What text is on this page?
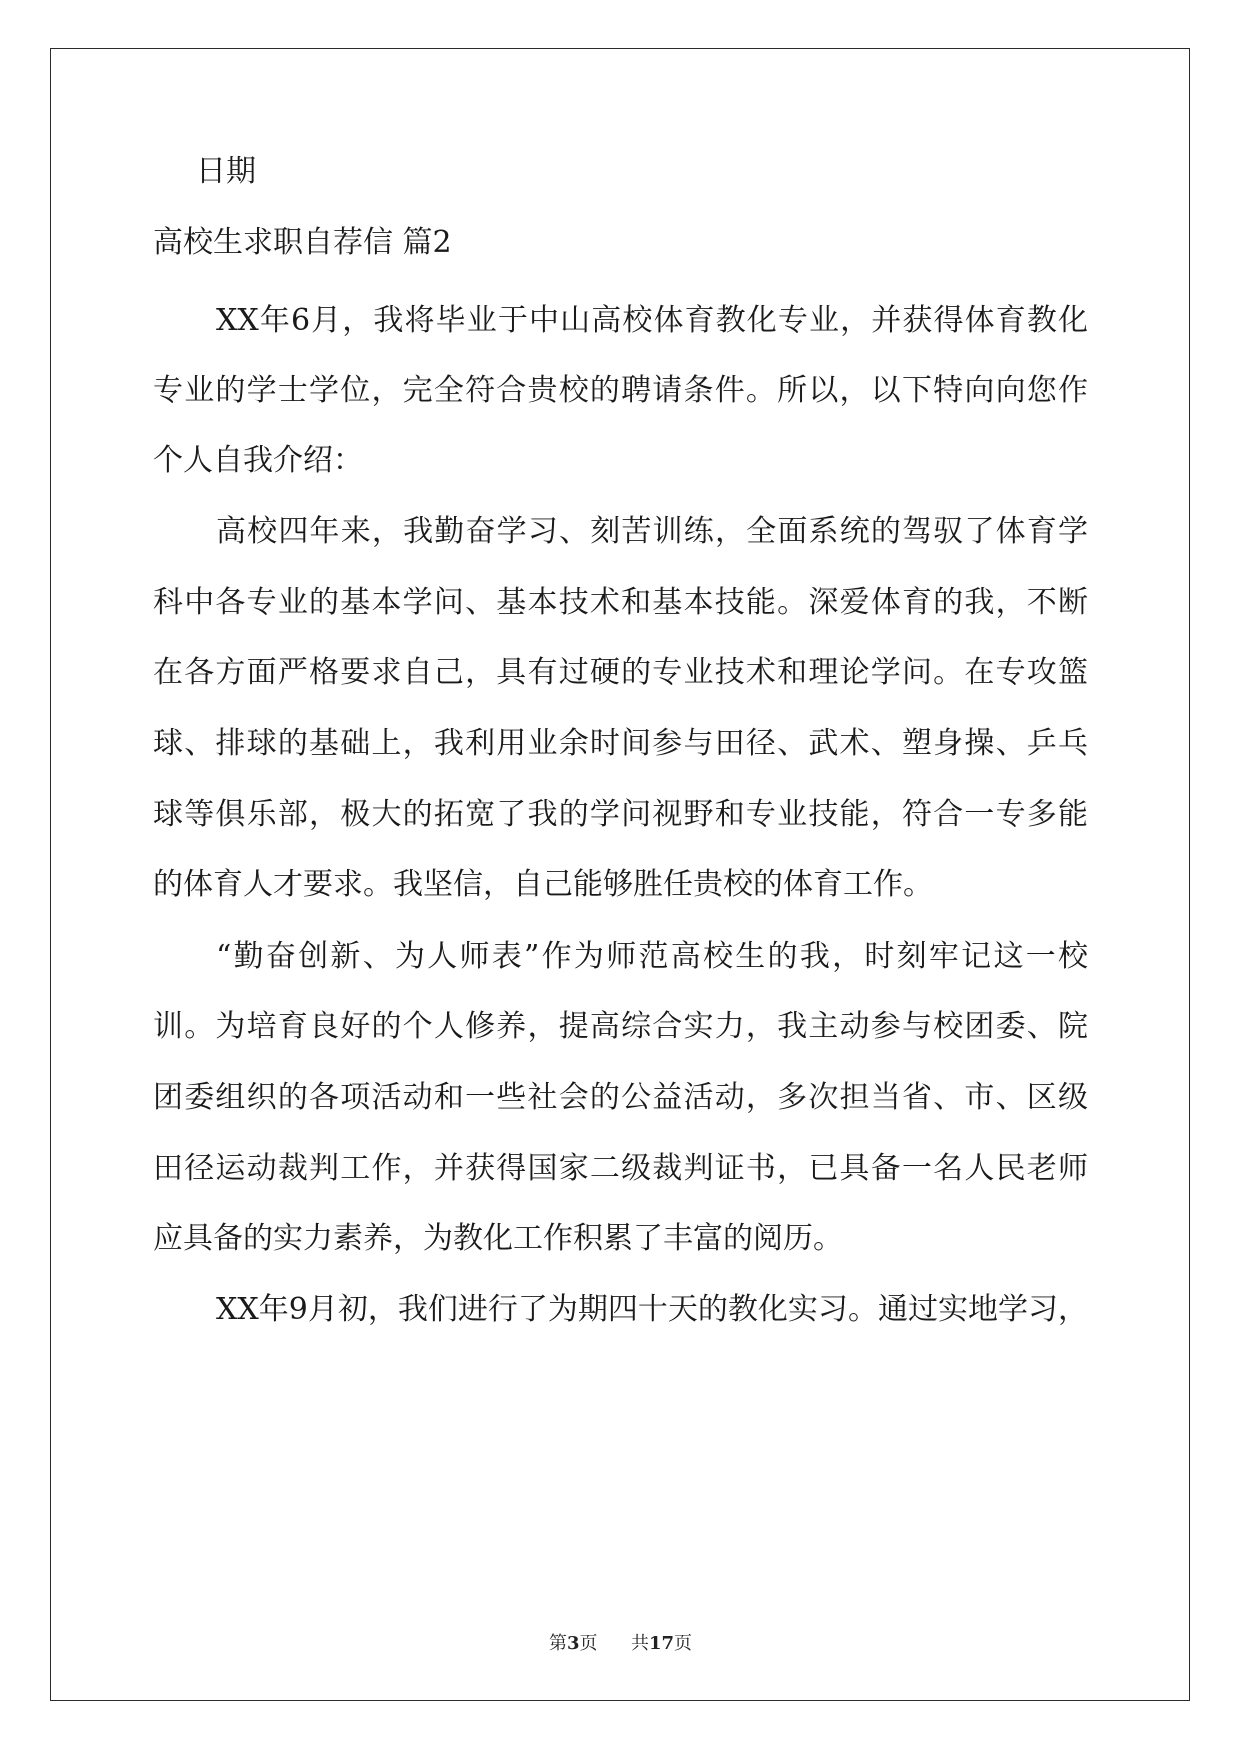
日期
高校生求职自荐信 篇2
XX年6月，我将毕业于中山高校体育教化专业，并获得体育教化
专业的学士学位，完全符合贵校的聘请条件。所以，以下特向向您作
个人自我介绍：
高校四年来，我勤奋学习、刻苦训练，全面系统的驾驭了体育学
科中各专业的基本学问、基本技术和基本技能。深爱体育的我，不断
在各方面严格要求自己，具有过硬的专业技术和理论学问。在专攻篮
球、排球的基础上，我利用业余时间参与田径、武术、塑身操、乒乓
球等俱乐部，极大的拓宽了我的学问视野和专业技能，符合一专多能
的体育人才要求。我坚信，自己能够胜任贵校的体育工作。
“勤奋创新、为人师表”作为师范高校生的我，时刻牢记这一校
训。为培育良好的个人修养，提高综合实力，我主动参与校团委、院
团委组织的各项活动和一些社会的公益活动，多次担当省、市、区级
田径运动裁判工作，并获得国家二级裁判证书，已具备一名人民老师
应具备的实力素养，为教化工作积累了丰富的阅历。
XX年9月初，我们进行了为期四十天的教化实习。通过实地学习，
第3页 共17页
